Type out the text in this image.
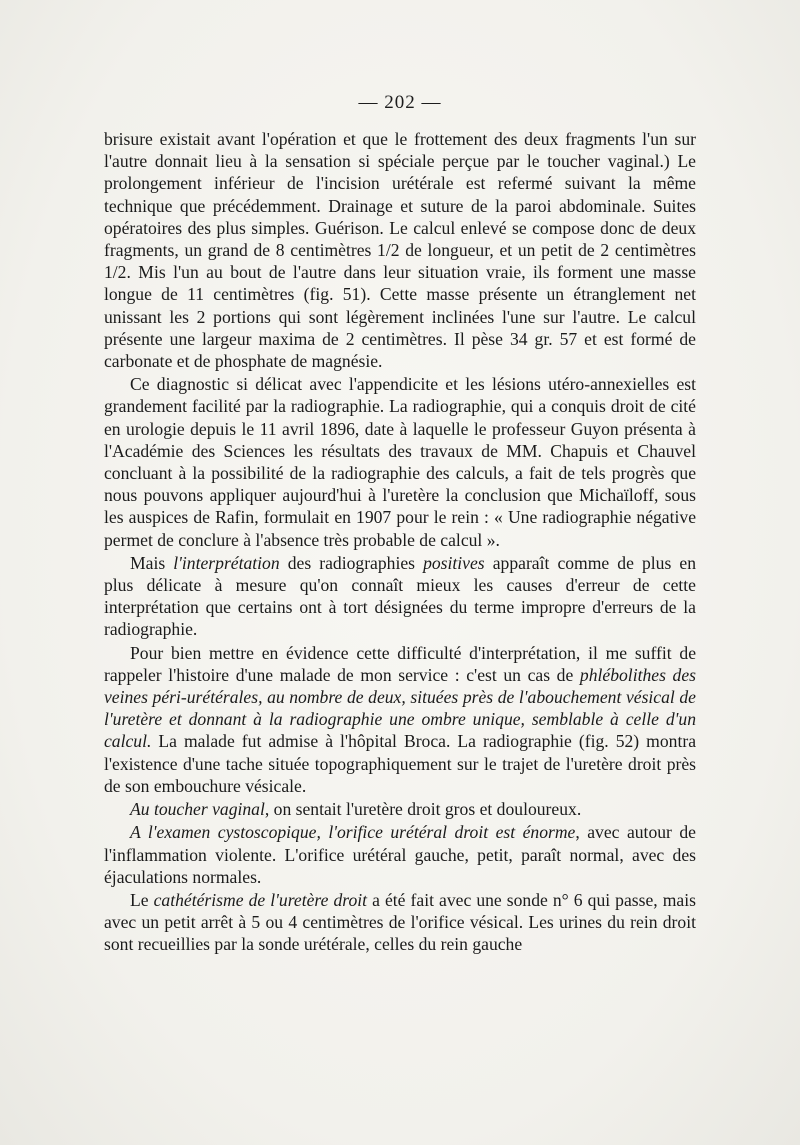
— 202 —

brisure existait avant l'opération et que le frottement des deux fragments l'un sur l'autre donnait lieu à la sensation si spéciale perçue par le toucher vaginal.) Le prolongement inférieur de l'incision urétérale est refermé suivant la même technique que précédemment. Drainage et suture de la paroi abdominale. Suites opératoires des plus simples. Guérison. Le calcul enlevé se compose donc de deux fragments, un grand de 8 centimètres 1/2 de longueur, et un petit de 2 centimètres 1/2. Mis l'un au bout de l'autre dans leur situation vraie, ils forment une masse longue de 11 centimètres (fig. 51). Cette masse présente un étranglement net unissant les 2 portions qui sont légèrement inclinées l'une sur l'autre. Le calcul présente une largeur maxima de 2 centimètres. Il pèse 34 gr. 57 et est formé de carbonate et de phosphate de magnésie.

Ce diagnostic si délicat avec l'appendicite et les lésions utéro-annexielles est grandement facilité par la radiographie. La radiographie, qui a conquis droit de cité en urologie depuis le 11 avril 1896, date à laquelle le professeur Guyon présenta à l'Académie des Sciences les résultats des travaux de MM. Chapuis et Chauvel concluant à la possibilité de la radiographie des calculs, a fait de tels progrès que nous pouvons appliquer aujourd'hui à l'uretère la conclusion que Michaïloff, sous les auspices de Rafin, formulait en 1907 pour le rein : « Une radiographie négative permet de conclure à l'absence très probable de calcul ».

Mais l'interprétation des radiographies positives apparaît comme de plus en plus délicate à mesure qu'on connaît mieux les causes d'erreur de cette interprétation que certains ont à tort désignées du terme impropre d'erreurs de la radiographie.

Pour bien mettre en évidence cette difficulté d'interprétation, il me suffit de rappeler l'histoire d'une malade de mon service : c'est un cas de phlébolithes des veines péri-urétérales, au nombre de deux, situées près de l'abouchement vésical de l'uretère et donnant à la radiographie une ombre unique, semblable à celle d'un calcul. La malade fut admise à l'hôpital Broca. La radiographie (fig. 52) montra l'existence d'une tache située topographiquement sur le trajet de l'uretère droit près de son embouchure vésicale.

Au toucher vaginal, on sentait l'uretère droit gros et douloureux.

A l'examen cystoscopique, l'orifice urétéral droit est énorme, avec autour de l'inflammation violente. L'orifice urétéral gauche, petit, paraît normal, avec des éjaculations normales.

Le cathétérisme de l'uretère droit a été fait avec une sonde n° 6 qui passe, mais avec un petit arrêt à 5 ou 4 centimètres de l'orifice vésical. Les urines du rein droit sont recueillies par la sonde urétérale, celles du rein gauche
